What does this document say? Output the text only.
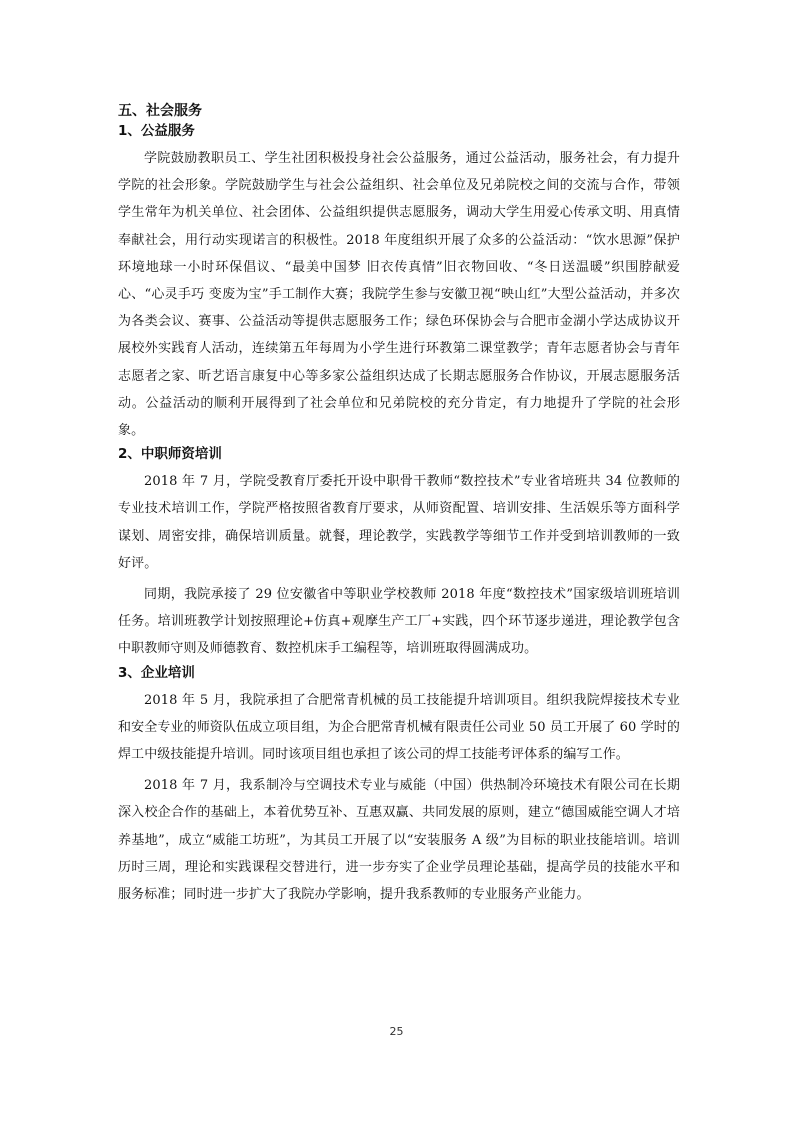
五、社会服务
1、公益服务

学院鼓励教职员工、学生社团积极投身社会公益服务，通过公益活动，服务社会，有力提升学院的社会形象。学院鼓励学生与社会公益组织、社会单位及兄弟院校之间的交流与合作，带领学生常年为机关单位、社会团体、公益组织提供志愿服务，调动大学生用爱心传承文明、用真情奉献社会，用行动实现诺言的积极性。2018 年度组织开展了众多的公益活动：“饮水思源”保护环境地球一小时环保倡议、“最美中国梦 旧衣传真情”旧衣物回收、“冬日送温暖”织围脖献爱心、“心灵手巧 变废为宝”手工制作大赛；我院学生参与安徽卫视“映山红”大型公益活动，并多次为各类会议、赛事、公益活动等提供志愿服务工作；绿色环保协会与合肥市金湖小学达成协议开展校外实践育人活动，连续第五年每周为小学生进行环教第二课堂教学；青年志愿者协会与青年志愿者之家、昕艺语言康复中心等多家公益组织达成了长期志愿服务合作协议，开展志愿服务活动。公益活动的顺利开展得到了社会单位和兄弟院校的充分肯定，有力地提升了学院的社会形象。

2、中职师资培训

2018 年 7 月，学院受教育厅委托开设中职骨干教师“数控技术”专业省培班共 34 位教师的专业技术培训工作，学院严格按照省教育厅要求，从师资配置、培训安排、生活娱乐等方面科学谋划、周密安排，确保培训质量。就餐，理论教学，实践教学等细节工作并受到培训教师的一致好评。

同期，我院承接了 29 位安徽省中等职业学校教师 2018 年度“数控技术”国家级培训班培训任务。培训班教学计划按照理论+仿真+观摩生产工厂+实践，四个环节逐步递进，理论教学包含中职教师守则及师德教育、数控机床手工编程等，培训班取得圆满成功。

3、企业培训

2018 年 5 月，我院承担了合肥常青机械的员工技能提升培训项目。组织我院焊接技术专业和安全专业的师资队伍成立项目组，为企合肥常青机械有限责任公司业 50 员工开展了 60 学时的焊工中级技能提升培训。同时该项目组也承担了该公司的焊工技能考评体系的编写工作。

2018 年 7 月，我系制冷与空调技术专业与威能（中国）供热制冷环境技术有限公司在长期深入校企合作的基础上，本着优势互补、互惠双赢、共同发展的原则，建立“德国威能空调人才培养基地”，成立“威能工坊班”，为其员工开展了以“安装服务 A 级”为目标的职业技能培训。培训历时三周，理论和实践课程交替进行，进一步夯实了企业学员理论基础，提高学员的技能水平和服务标准；同时进一步扩大了我院办学影响，提升我系教师的专业服务产业能力。

25
